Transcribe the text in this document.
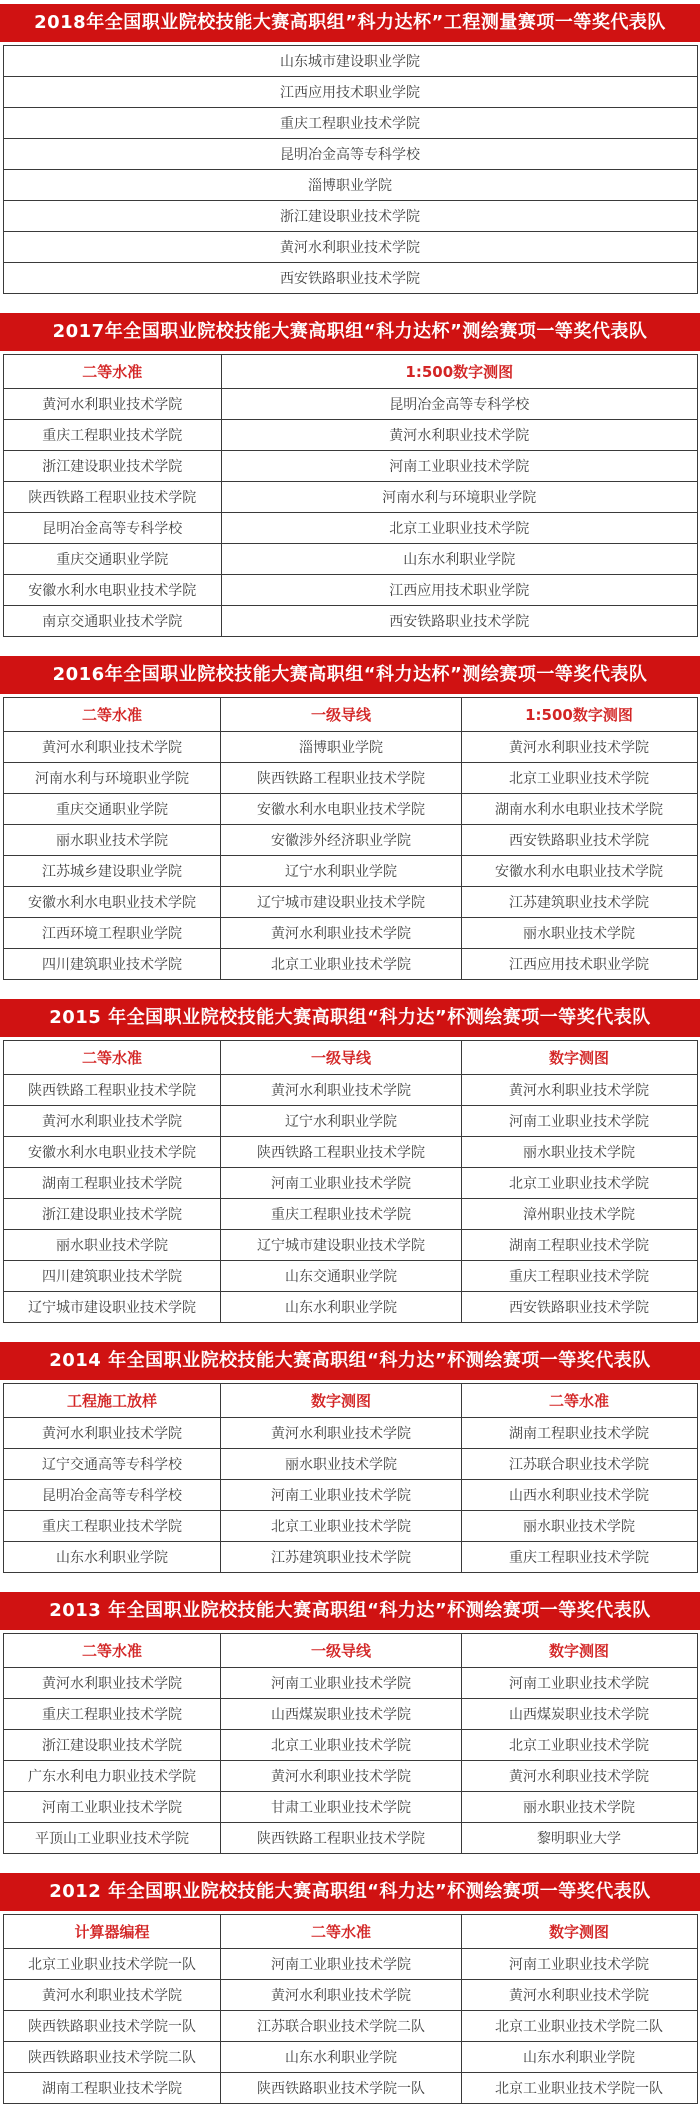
2018年全国职业院校技能大赛高职组”科力达杯”工程测量赛项一等奖代表队
山东城市建设职业学院
江西应用技术职业学院
重庆工程职业技术学院
昆明冶金高等专科学校
淄博职业学院
浙江建设职业技术学院
黄河水利职业技术学院
西安铁路职业技术学院
2017年全国职业院校技能大赛高职组“科力达杯”测绘赛项一等奖代表队
二等水准	1:500数字测图
黄河水利职业技术学院	昆明冶金高等专科学校
重庆工程职业技术学院	黄河水利职业技术学院
浙江建设职业技术学院	河南工业职业技术学院
陕西铁路工程职业技术学院	河南水利与环境职业学院
昆明冶金高等专科学校	北京工业职业技术学院
重庆交通职业学院	山东水利职业学院
安徽水利水电职业技术学院	江西应用技术职业学院
南京交通职业技术学院	西安铁路职业技术学院
2016年全国职业院校技能大赛高职组“科力达杯”测绘赛项一等奖代表队
二等水准	一级导线	1:500数字测图
黄河水利职业技术学院	淄博职业学院	黄河水利职业技术学院
河南水利与环境职业学院	陕西铁路工程职业技术学院	北京工业职业技术学院
重庆交通职业学院	安徽水利水电职业技术学院	湖南水利水电职业技术学院
丽水职业技术学院	安徽涉外经济职业学院	西安铁路职业技术学院
江苏城乡建设职业学院	辽宁水利职业学院	安徽水利水电职业技术学院
安徽水利水电职业技术学院	辽宁城市建设职业技术学院	江苏建筑职业技术学院
江西环境工程职业学院	黄河水利职业技术学院	丽水职业技术学院
四川建筑职业技术学院	北京工业职业技术学院	江西应用技术职业学院
2015 年全国职业院校技能大赛高职组“科力达”杯测绘赛项一等奖代表队
二等水准	一级导线	数字测图
陕西铁路工程职业技术学院	黄河水利职业技术学院	黄河水利职业技术学院
黄河水利职业技术学院	辽宁水利职业学院	河南工业职业技术学院
安徽水利水电职业技术学院	陕西铁路工程职业技术学院	丽水职业技术学院
湖南工程职业技术学院	河南工业职业技术学院	北京工业职业技术学院
浙江建设职业技术学院	重庆工程职业技术学院	漳州职业技术学院
丽水职业技术学院	辽宁城市建设职业技术学院	湖南工程职业技术学院
四川建筑职业技术学院	山东交通职业学院	重庆工程职业技术学院
辽宁城市建设职业技术学院	山东水利职业学院	西安铁路职业技术学院
2014 年全国职业院校技能大赛高职组“科力达”杯测绘赛项一等奖代表队
工程施工放样	数字测图	二等水准
黄河水利职业技术学院	黄河水利职业技术学院	湖南工程职业技术学院
辽宁交通高等专科学校	丽水职业技术学院	江苏联合职业技术学院
昆明冶金高等专科学校	河南工业职业技术学院	山西水利职业技术学院
重庆工程职业技术学院	北京工业职业技术学院	丽水职业技术学院
山东水利职业学院	江苏建筑职业技术学院	重庆工程职业技术学院
2013 年全国职业院校技能大赛高职组“科力达”杯测绘赛项一等奖代表队
二等水准	一级导线	数字测图
黄河水利职业技术学院	河南工业职业技术学院	河南工业职业技术学院
重庆工程职业技术学院	山西煤炭职业技术学院	山西煤炭职业技术学院
浙江建设职业技术学院	北京工业职业技术学院	北京工业职业技术学院
广东水利电力职业技术学院	黄河水利职业技术学院	黄河水利职业技术学院
河南工业职业技术学院	甘肃工业职业技术学院	丽水职业技术学院
平顶山工业职业技术学院	陕西铁路工程职业技术学院	黎明职业大学
2012 年全国职业院校技能大赛高职组“科力达”杯测绘赛项一等奖代表队
计算器编程	二等水准	数字测图
北京工业职业技术学院一队	河南工业职业技术学院	河南工业职业技术学院
黄河水利职业技术学院	黄河水利职业技术学院	黄河水利职业技术学院
陕西铁路职业技术学院一队	江苏联合职业技术学院二队	北京工业职业技术学院二队
陕西铁路职业技术学院二队	山东水利职业学院	山东水利职业学院
湖南工程职业技术学院	陕西铁路职业技术学院一队	北京工业职业技术学院一队
